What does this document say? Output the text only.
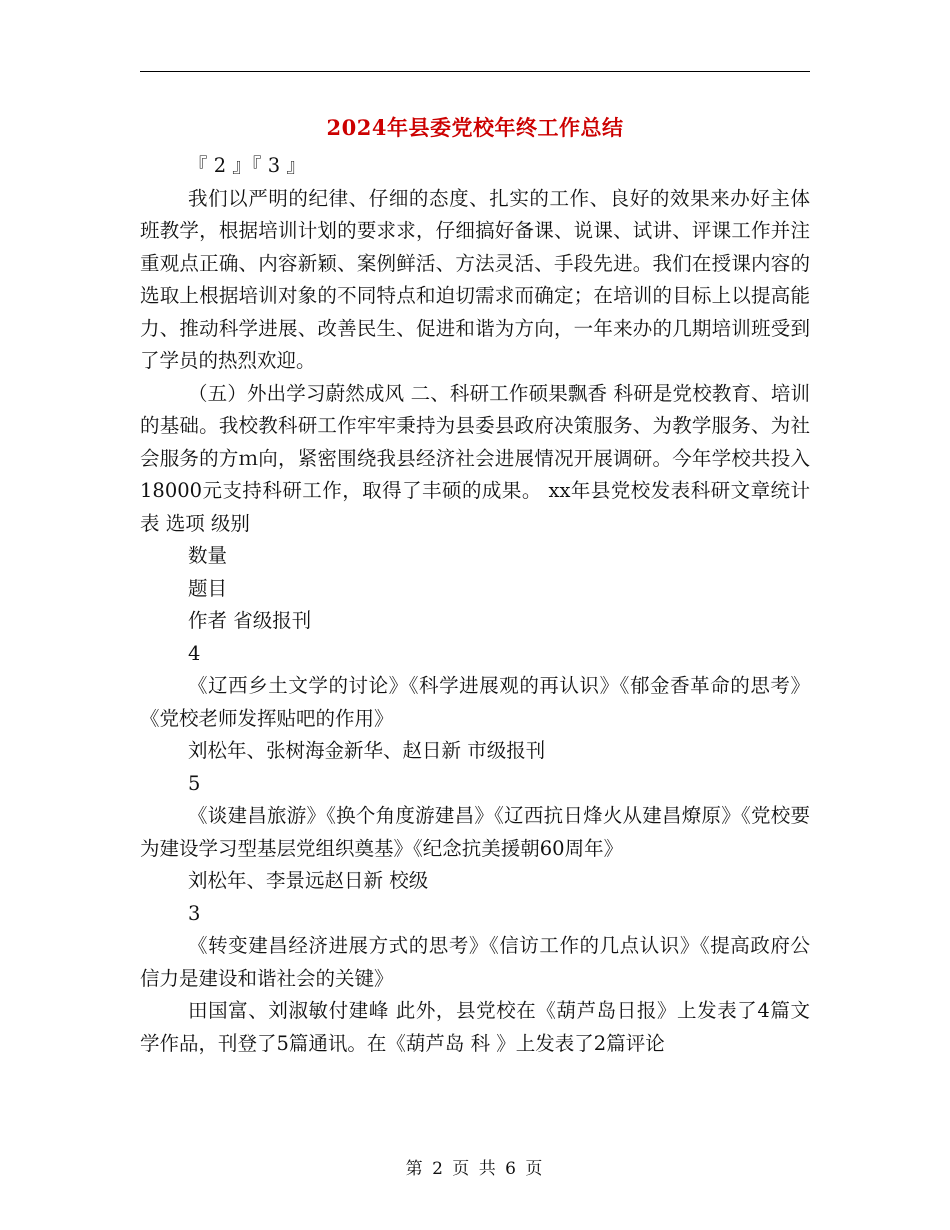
2024年县委党校年终工作总结

『 2 』『 3 』

我们以严明的纪律、仔细的态度、扎实的工作、良好的效果来办好主体班教学，根据培训计划的要求求，仔细搞好备课、说课、试讲、评课工作并注重观点正确、内容新颖、案例鲜活、方法灵活、手段先进。我们在授课内容的选取上根据培训对象的不同特点和迫切需求而确定；在培训的目标上以提高能力、推动科学进展、改善民生、促进和谐为方向，一年来办的几期培训班受到了学员的热烈欢迎。

（五）外出学习蔚然成风 二、科研工作硕果飘香 科研是党校教育、培训的基础。我校教科研工作牢牢秉持为县委县政府决策服务、为教学服务、为社会服务的方ｍ向，紧密围绕我县经济社会进展情况开展调研。今年学校共投入18000元支持科研工作，取得了丰硕的成果。 xx年县党校发表科研文章统计表 选项 级别

数量

题目

作者 省级报刊

4

《辽西乡土文学的讨论》《科学进展观的再认识》《郁金香革命的思考》《党校老师发挥贴吧的作用》

刘松年、张树海金新华、赵日新 市级报刊

5

《谈建昌旅游》《换个角度游建昌》《辽西抗日烽火从建昌燎原》《党校要为建设学习型基层党组织奠基》《纪念抗美援朝60周年》

刘松年、李景远赵日新 校级

3

《转变建昌经济进展方式的思考》《信访工作的几点认识》《提高政府公信力是建设和谐社会的关键》

田国富、刘淑敏付建峰 此外，县党校在《葫芦岛日报》上发表了4篇文学作品，刊登了5篇通讯。在《葫芦岛 科 》上发表了2篇评论

第 2 页 共 6 页
